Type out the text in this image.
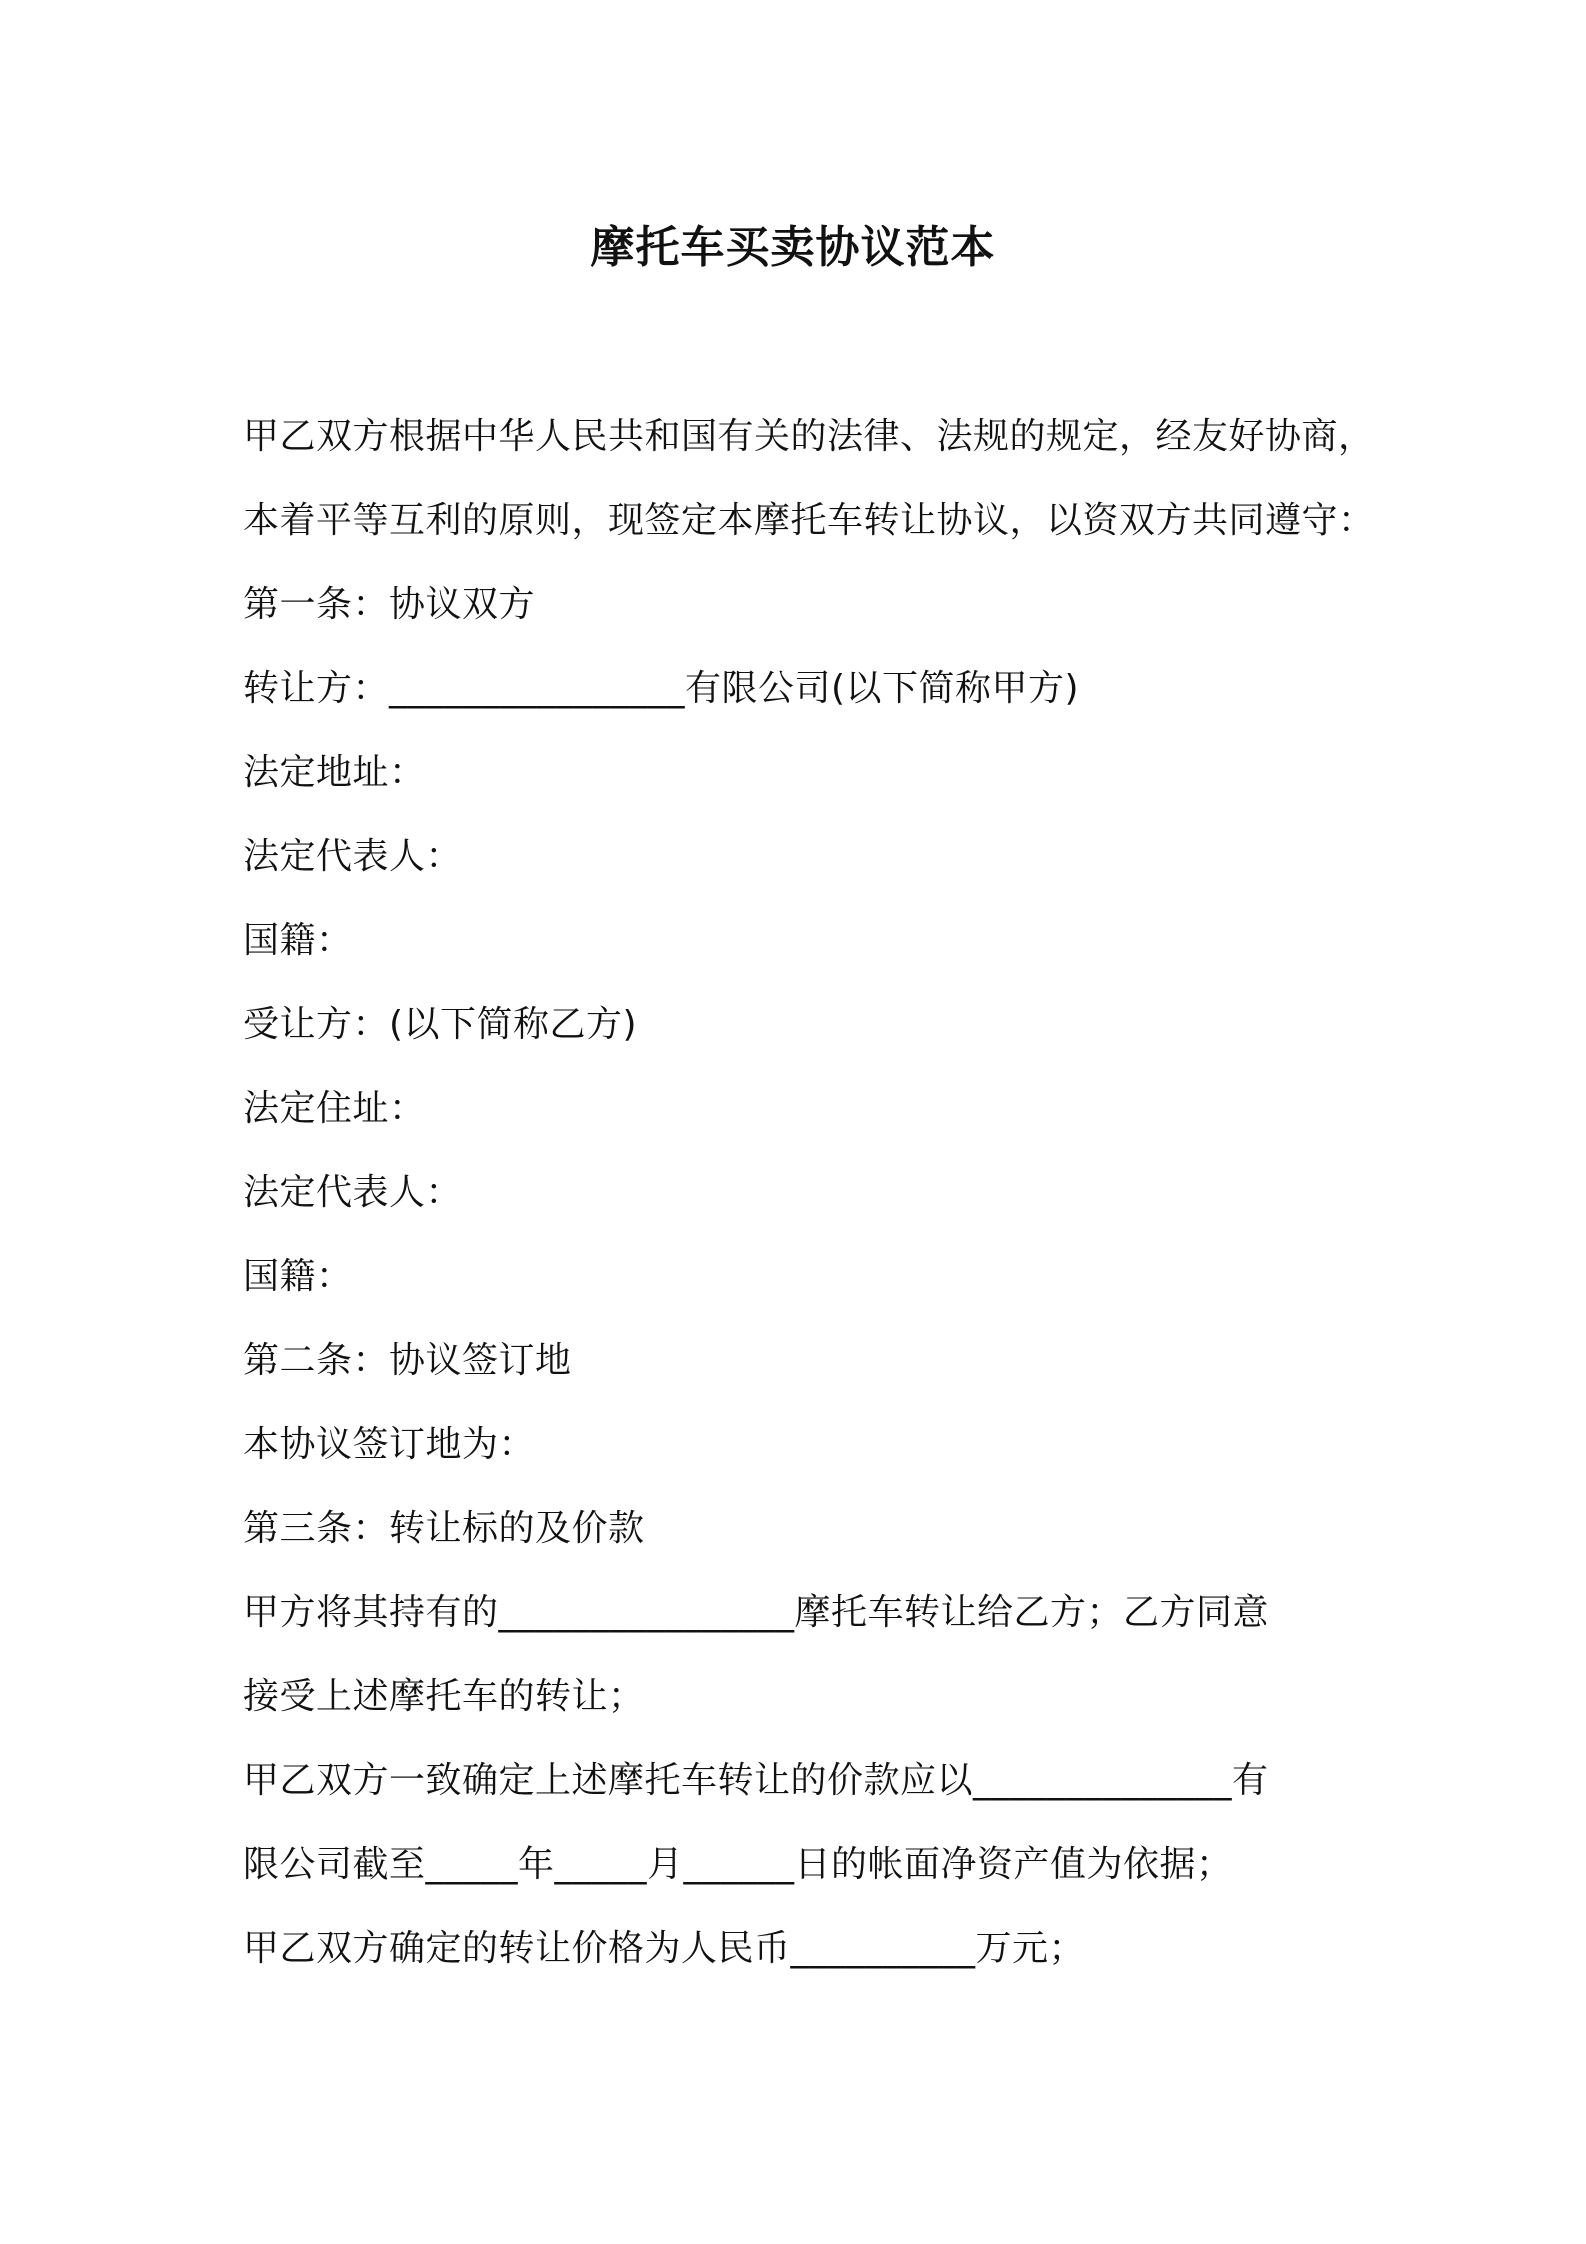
摩托车买卖协议范本
甲乙双方根据中华人民共和国有关的法律、法规的规定，经友好协商，
本着平等互利的原则，现签定本摩托车转让协议，以资双方共同遵守：
第一条：协议双方
转让方：________________有限公司(以下简称甲方)
法定地址：
法定代表人：
国籍：
受让方：(以下简称乙方)
法定住址：
法定代表人：
国籍：
第二条：协议签订地
本协议签订地为：
第三条：转让标的及价款
甲方将其持有的________________摩托车转让给乙方；乙方同意
接受上述摩托车的转让；
甲乙双方一致确定上述摩托车转让的价款应以______________有
限公司截至_____年_____月______日的帐面净资产值为依据；
甲乙双方确定的转让价格为人民币__________万元；
